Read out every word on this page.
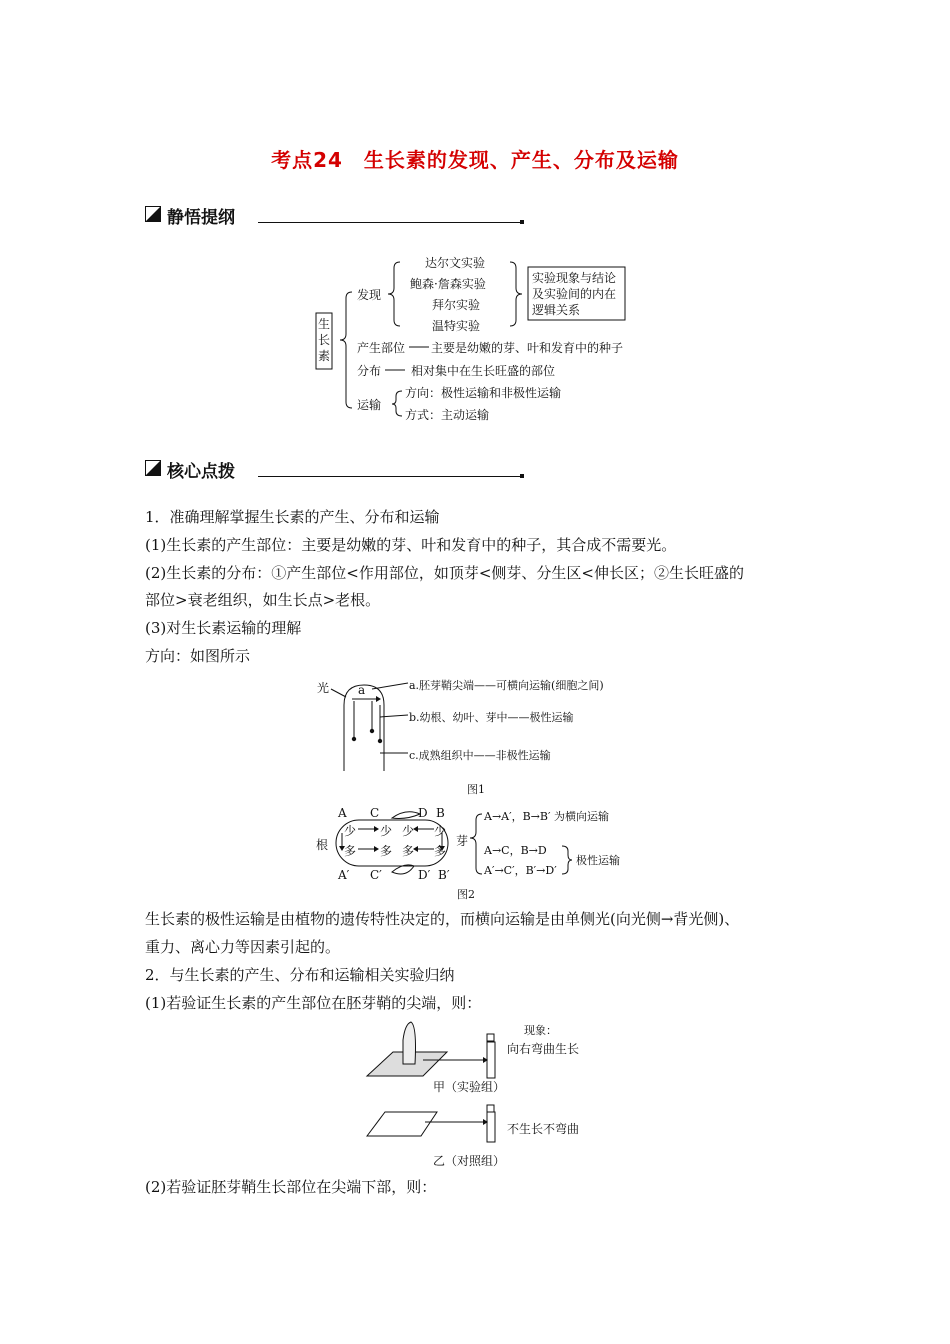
考点24　生长素的发现、产生、分布及运输
静悟提纲
生长素
发现
达尔文实验
鲍森·詹森实验
拜尔实验
温特实验
实验现象与结论
及实验间的内在
逻辑关系
产生部位 主要是幼嫩的芽、叶和发育中的种子
分布 相对集中在生长旺盛的部位
运输
方向：极性运输和非极性运输
方式：主动运输
核心点拨
1．准确理解掌握生长素的产生、分布和运输
(1)生长素的产生部位：主要是幼嫩的芽、叶和发育中的种子，其合成不需要光。
(2)生长素的分布：①产生部位<作用部位，如顶芽<侧芽、分生区<伸长区；②生长旺盛的
部位>衰老组织，如生长点>老根。
(3)对生长素运输的理解
方向：如图所示
光 a	a.胚芽鞘尖端——可横向运输(细胞之间)
b.幼根、幼叶、芽中——极性运输
c.成熟组织中——非极性运输
图1
根	芽
A C	D B
少 少 少 少
多 多 多 多
A′ C′	D′ B′
A→A′，B→B′ 为横向运输
A→C，B→D
A′→C′，B′→D′
极性运输
图2
生长素的极性运输是由植物的遗传特性决定的，而横向运输是由单侧光(向光侧→背光侧)、
重力、离心力等因素引起的。
2．与生长素的产生、分布和运输相关实验归纳
(1)若验证生长素的产生部位在胚芽鞘的尖端，则：
现象：
向右弯曲生长
甲（实验组）
不生长不弯曲
乙（对照组）
(2)若验证胚芽鞘生长部位在尖端下部，则：
